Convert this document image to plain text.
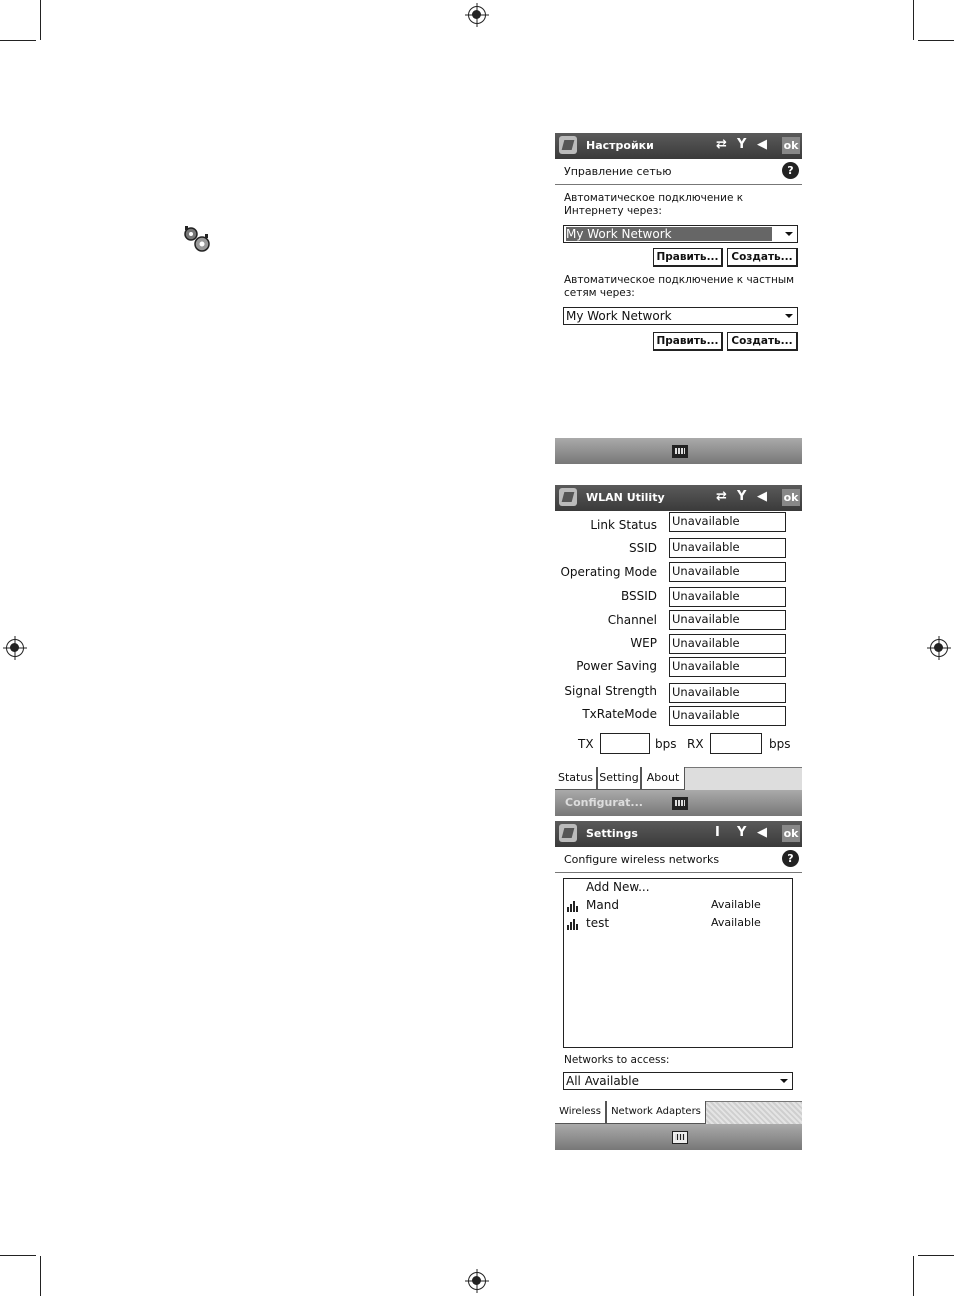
Настройки	⇄ Y ◀ ok
Управление сетью	?
Автоматическое подключение к Интернету через:
My Work Network
Править...	Создать...
Автоматическое подключение к частным сетям через:
My Work Network
Править...	Создать...
WLAN Utility	⇄ Y ◀ ok
Link Status Unavailable
SSID Unavailable
Operating Mode Unavailable
BSSID Unavailable
Channel Unavailable
WEP Unavailable
Power Saving Unavailable
Signal Strength Unavailable
TxRateMode Unavailable
TX	bps RX	bps
Status Setting About
Configurat...
Settings	I Y ◀ ok
Configure wireless networks	?
Add New...
Mand	Available
test	Available
Networks to access:
All Available
Wireless	Network Adapters
